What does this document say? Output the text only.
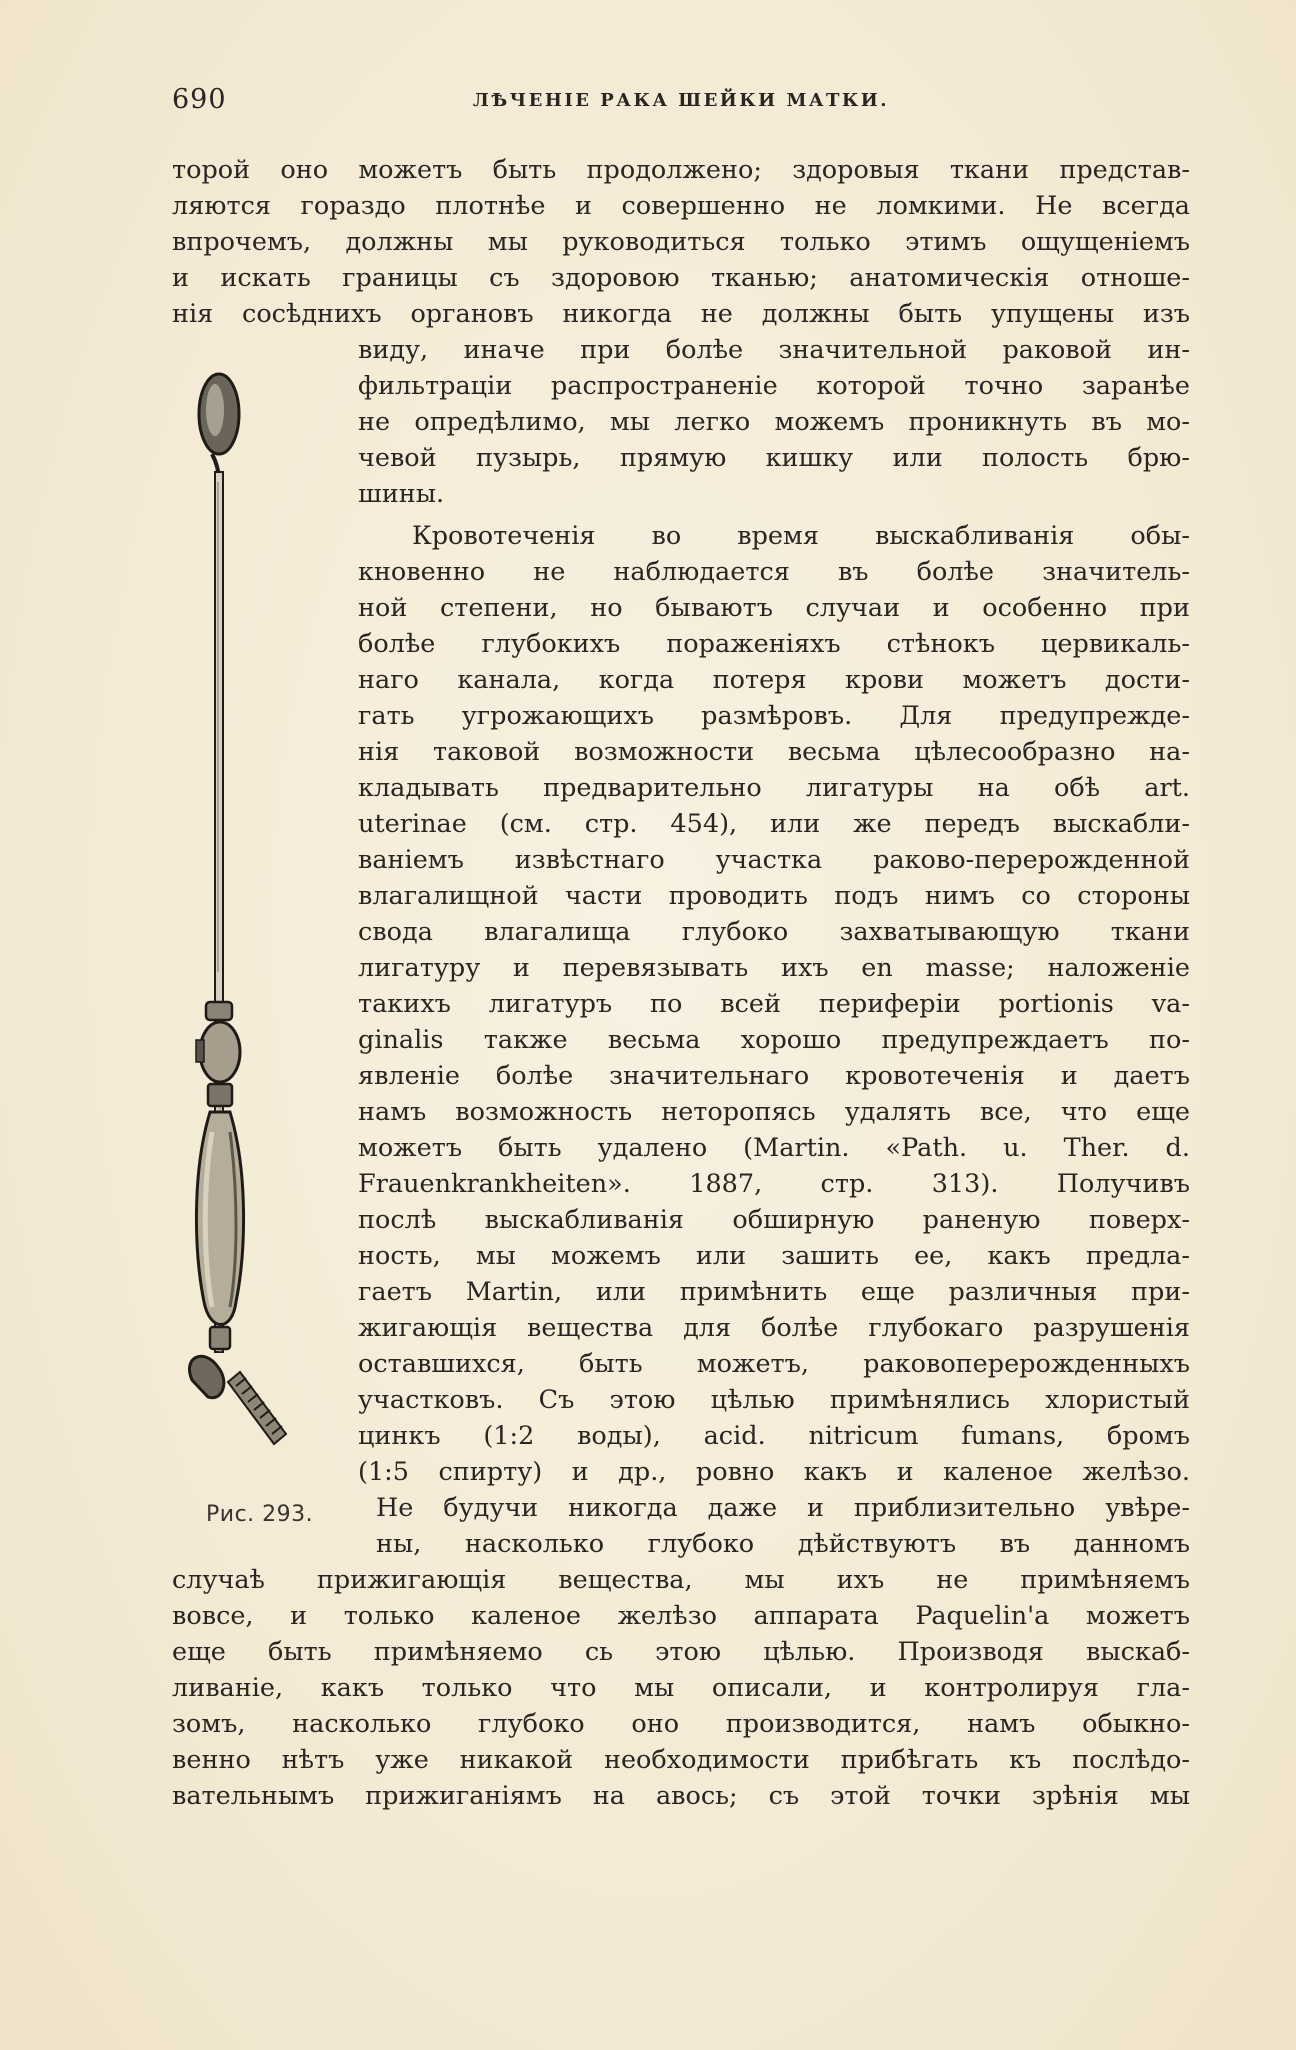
690	ЛѢЧЕНІЕ РАКА ШЕЙКИ МАТКИ.
Рис. 293.
торой оно можетъ быть продолжено; здоровыя ткани представ-
ляются гораздо плотнѣе и совершенно не ломкими. Не всегда
впрочемъ, должны мы руководиться только этимъ ощущеніемъ
и искать границы съ здоровою тканью; анатомическія отноше-
нія сосѣднихъ органовъ никогда не должны быть упущены изъ
виду, иначе при болѣе значительной раковой ин-
фильтраціи распространеніе которой точно заранѣе
не опредѣлимо, мы легко можемъ проникнуть въ мо-
чевой пузырь, прямую кишку или полость брю-
шины.
Кровотеченія во время выскабливанія обы-
кновенно не наблюдается въ болѣе значитель-
ной степени, но бываютъ случаи и особенно при
болѣе глубокихъ пораженіяхъ стѣнокъ цервикаль-
наго канала, когда потеря крови можетъ дости-
гать угрожающихъ размѣровъ. Для предупрежде-
нія таковой возможности весьма цѣлесообразно на-
кладывать предварительно лигатуры на обѣ art.
uterinae (см. стр. 454), или же передъ выскабли-
ваніемъ извѣстнаго участка раково-перерожденной
влагалищной части проводить подъ нимъ со стороны
свода влагалища глубоко захватывающую ткани
лигатуру и перевязывать ихъ en masse; наложеніе
такихъ лигатуръ по всей периферіи portionis va-
ginalis также весьма хорошо предупреждаетъ по-
явленіе болѣе значительнаго кровотеченія и даетъ
намъ возможность неторопясь удалять все, что еще
можетъ быть удалено (Martin. «Path. u. Ther. d.
Frauenkrankheiten». 1887, стр. 313). Получивъ
послѣ выскабливанія обширную раненую поверх-
ность, мы можемъ или зашить ее, какъ предла-
гаетъ Martin, или примѣнить еще различныя при-
жигающія вещества для болѣе глубокаго разрушенія
оставшихся, быть можетъ, раковоперерожденныхъ
участковъ. Съ этою цѣлью примѣнялись хлористый
цинкъ (1:2 воды), acid. nitricum fumans, бромъ
(1:5 спирту) и др., ровно какъ и каленое желѣзо.
Не будучи никогда даже и приблизительно увѣре-
ны, насколько глубоко дѣйствуютъ въ данномъ
случаѣ прижигающія вещества, мы ихъ не примѣняемъ
вовсе, и только каленое желѣзо аппарата Paquelin'а можетъ
еще быть примѣняемо сь этою цѣлью. Производя выскаб-
ливаніе, какъ только что мы описали, и контролируя гла-
зомъ, насколько глубоко оно производится, намъ обыкно-
венно нѣтъ уже никакой необходимости прибѣгать къ послѣдо-
вательнымъ прижиганіямъ на авось; съ этой точки зрѣнія мы
